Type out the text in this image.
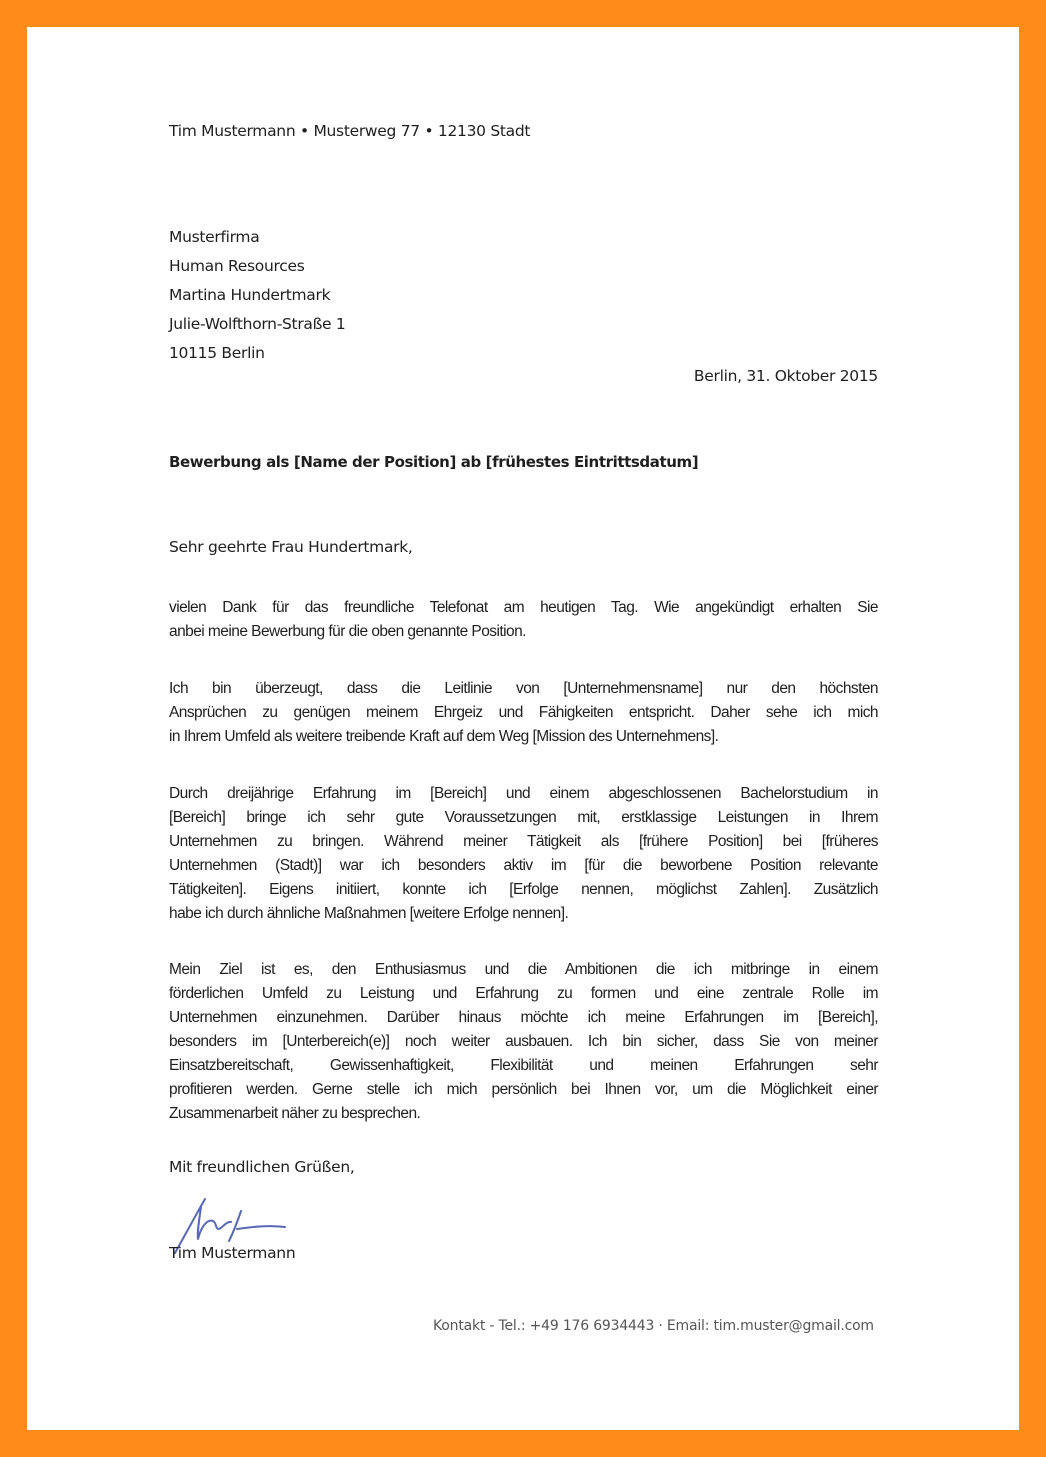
Tim Mustermann • Musterweg 77 • 12130 Stadt
Musterfirma
Human Resources
Martina Hundertmark
Julie-Wolfthorn-Straße 1
10115 Berlin
Berlin, 31. Oktober 2015
Bewerbung als [Name der Position] ab [frühestes Eintrittsdatum]
Sehr geehrte Frau Hundertmark,
vielen Dank für das freundliche Telefonat am heutigen Tag. Wie angekündigt erhalten Sie
anbei meine Bewerbung für die oben genannte Position.
Ich bin überzeugt, dass die Leitlinie von [Unternehmensname] nur den höchsten
Ansprüchen zu genügen meinem Ehrgeiz und Fähigkeiten entspricht. Daher sehe ich mich
in Ihrem Umfeld als weitere treibende Kraft auf dem Weg [Mission des Unternehmens].
Durch dreijährige Erfahrung im [Bereich] und einem abgeschlossenen Bachelorstudium in
[Bereich] bringe ich sehr gute Voraussetzungen mit, erstklassige Leistungen in Ihrem
Unternehmen zu bringen. Während meiner Tätigkeit als [frühere Position] bei [früheres
Unternehmen (Stadt)] war ich besonders aktiv im [für die beworbene Position relevante
Tätigkeiten]. Eigens initiiert, konnte ich [Erfolge nennen, möglichst Zahlen]. Zusätzlich
habe ich durch ähnliche Maßnahmen [weitere Erfolge nennen].
Mein Ziel ist es, den Enthusiasmus und die Ambitionen die ich mitbringe in einem
förderlichen Umfeld zu Leistung und Erfahrung zu formen und eine zentrale Rolle im
Unternehmen einzunehmen. Darüber hinaus möchte ich meine Erfahrungen im [Bereich],
besonders im [Unterbereich(e)] noch weiter ausbauen. Ich bin sicher, dass Sie von meiner
Einsatzbereitschaft, Gewissenhaftigkeit, Flexibilität und meinen Erfahrungen sehr
profitieren werden. Gerne stelle ich mich persönlich bei Ihnen vor, um die Möglichkeit einer
Zusammenarbeit näher zu besprechen.
Mit freundlichen Grüßen,
Tim Mustermann
Kontakt - Tel.: +49 176 6934443 · Email: tim.muster@gmail.com
